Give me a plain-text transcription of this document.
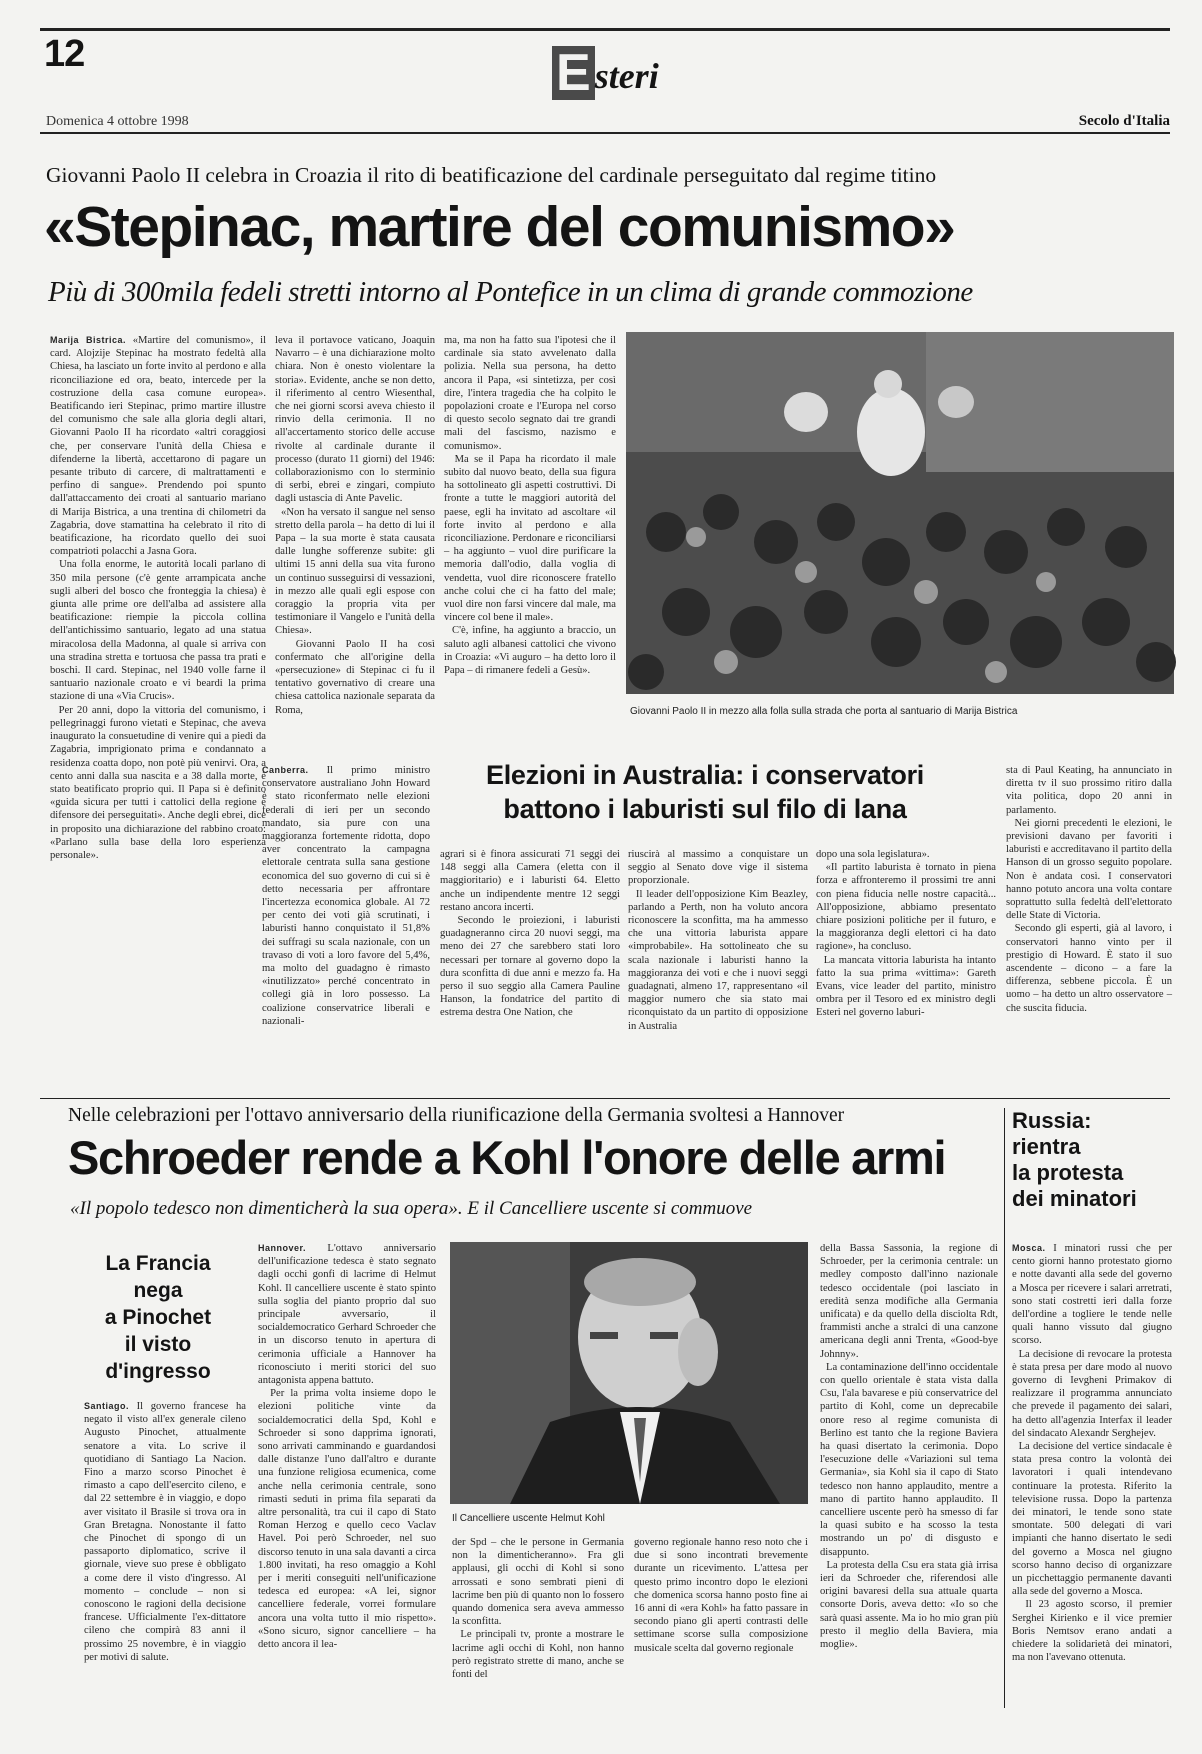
12	E steri
Domenica 4 ottobre 1998	Secolo d'Italia
Giovanni Paolo II celebra in Croazia il rito di beatificazione del cardinale perseguitato dal regime titino
«Stepinac, martire del comunismo»
Più di 300mila fedeli stretti intorno al Pontefice in un clima di grande commozione
Marija Bistrica. «Martire del comunismo», il card. Alojzije Stepinac ha mostrato fedeltà alla Chiesa, ha lasciato un forte invito al perdono e alla riconciliazione ed ora, beato, intercede per la costruzione della casa comune europea». Beatificando ieri Stepinac, primo martire illustre del comunismo che sale alla gloria degli altari, Giovanni Paolo II ha ricordato «altri coraggiosi che, per conservare l'unità della Chiesa e difenderne la libertà, accettarono di pagare un pesante tributo di carcere, di maltrattamenti e perfino di sangue». Prendendo poi spunto dall'attaccamento dei croati al santuario mariano di Marija Bistrica, a una trentina di chilometri da Zagabria, dove stamattina ha celebrato il rito di beatificazione, ha ricordato quello dei suoi compatrioti polacchi a Jasna Gora.
Una folla enorme, le autorità locali parlano di 350 mila persone (c'è gente arrampicata anche sugli alberi del bosco che fronteggia la chiesa) è giunta alle prime ore dell'alba ad assistere alla beatificazione: riempie la piccola collina dell'antichissimo santuario, legato ad una statua miracolosa della Madonna, al quale si arriva con una stradina stretta e tortuosa che passa tra prati e boschi. Il card. Stepinac, nel 1940 volle farne il santuario nazionale croato e vi beardi la prima stazione di una «Via Crucis».
Per 20 anni, dopo la vittoria del comunismo, i pellegrinaggi furono vietati e Stepinac, che aveva inaugurato la consuetudine di venire qui a piedi da Zagabria, imprigionato prima e condannato a residenza coatta dopo, non potè più venirvi. Ora, a cento anni dalla sua nascita e a 38 dalla morte, è stato beatificato proprio qui. Il Papa si è definito «guida sicura per tutti i cattolici della regione e difensore dei perseguitati». Anche degli ebrei, dice in proposito una dichiarazione del rabbino croato: «Parlano sulla base della loro esperienza personale».
leva il portavoce vaticano, Joaquin Navarro – è una dichiarazione molto chiara. Non è onesto violentare la storia». Evidente, anche se non detto, il riferimento al centro Wiesenthal, che nei giorni scorsi aveva chiesto il rinvio della cerimonia. Il no all'accertamento storico delle accuse rivolte al cardinale durante il processo (durato 11 giorni) del 1946: collaborazionismo con lo sterminio di serbi, ebrei e zingari, compiuto dagli ustascia di Ante Pavelic.
«Non ha versato il sangue nel senso stretto della parola – ha detto di lui il Papa – la sua morte è stata causata dalle lunghe sofferenze subite: gli ultimi 15 anni della sua vita furono un continuo susseguirsi di vessazioni, in mezzo alle quali egli espose con coraggio la propria vita per testimoniare il Vangelo e l'unità della Chiesa».
Giovanni Paolo II ha così confermato che all'origine della «persecuzione» di Stepinac ci fu il tentativo governativo di creare una chiesa cattolica nazionale separata da Roma,
ma, ma non ha fatto sua l'ipotesi che il cardinale sia stato avvelenato dalla polizia. Nella sua persona, ha detto ancora il Papa, «si sintetizza, per così dire, l'intera tragedia che ha colpito le popolazioni croate e l'Europa nel corso di questo secolo segnato dai tre grandi mali del fascismo, nazismo e comunismo».
Ma se il Papa ha ricordato il male subito dal nuovo beato, della sua figura ha sottolineato gli aspetti costruttivi. Di fronte a tutte le maggiori autorità del paese, egli ha invitato ad ascoltare «il forte invito al perdono e alla riconciliazione. Perdonare e riconciliarsi – ha aggiunto – vuol dire purificare la memoria dall'odio, dalla voglia di vendetta, vuol dire riconoscere fratello anche colui che ci ha fatto del male; vuol dire non farsi vincere dal male, ma vincere col bene il male».
C'è, infine, ha aggiunto a braccio, un saluto agli albanesi cattolici che vivono in Croazia: «Vi auguro – ha detto loro il Papa – di rimanere fedeli a Gesù».
Giovanni Paolo II in mezzo alla folla sulla strada che porta al santuario di Marija Bistrica
Elezioni in Australia: i conservatori
battono i laburisti sul filo di lana
Canberra. Il primo ministro conservatore australiano John Howard è stato riconfermato nelle elezioni federali di ieri per un secondo mandato, sia pure con una maggioranza fortemente ridotta, dopo aver concentrato la campagna elettorale centrata sulla sana gestione economica del suo governo di cui si è detto necessaria per affrontare l'incertezza economica globale. Al 72 per cento dei voti già scrutinati, i laburisti hanno conquistato il 51,8% dei suffragi su scala nazionale, con un travaso di voti a loro favore del 5,4%, ma molto del guadagno è rimasto «inutilizzato» perché concentrato in collegi già in loro possesso. La coalizione conservatrice liberali e nazionali-
agrari si è finora assicurati 71 seggi dei 148 seggi alla Camera (eletta con il maggioritario) e i laburisti 64. Eletto anche un indipendente mentre 12 seggi restano ancora incerti.
Secondo le proiezioni, i laburisti guadagneranno circa 20 nuovi seggi, ma meno dei 27 che sarebbero stati loro necessari per tornare al governo dopo la dura sconfitta di due anni e mezzo fa. Ha perso il suo seggio alla Camera Pauline Hanson, la fondatrice del partito di estrema destra One Nation, che
riuscirà al massimo a conquistare un seggio al Senato dove vige il sistema proporzionale.
Il leader dell'opposizione Kim Beazley, parlando a Perth, non ha voluto ancora riconoscere la sconfitta, ma ha ammesso che una vittoria laburista appare «improbabile». Ha sottolineato che su scala nazionale i laburisti hanno la maggioranza dei voti e che i nuovi seggi guadagnati, almeno 17, rappresentano «il maggior numero che sia stato mai riconquistato da un partito di opposizione in Australia
dopo una sola legislatura».
«Il partito laburista è tornato in piena forza e affronteremo il prossimi tre anni con piena fiducia nelle nostre capacità... All'opposizione, abbiamo presentato chiare posizioni politiche per il futuro, e la maggioranza degli elettori ci ha dato ragione», ha concluso.
La mancata vittoria laburista ha intanto fatto la sua prima «vittima»: Gareth Evans, vice leader del partito, ministro ombra per il Tesoro ed ex ministro degli Esteri nel governo laburi-
sta di Paul Keating, ha annunciato in diretta tv il suo prossimo ritiro dalla vita politica, dopo 20 anni in parlamento.
Nei giorni precedenti le elezioni, le previsioni davano per favoriti i laburisti e accreditavano il partito della Hanson di un grosso seguito popolare. Non è andata così. I conservatori hanno potuto ancora una volta contare soprattutto sulla fedeltà dell'elettorato delle State di Victoria.
Secondo gli esperti, già al lavoro, i conservatori hanno vinto per il prestigio di Howard. È stato il suo ascendente – dicono – a fare la differenza, sebbene piccola. È un uomo – ha detto un altro osservatore – che suscita fiducia.
Nelle celebrazioni per l'ottavo anniversario della riunificazione della Germania svoltesi a Hannover
Schroeder rende a Kohl l'onore delle armi
«Il popolo tedesco non dimenticherà la sua opera». E il Cancelliere uscente si commuove
La Francia
nega
a Pinochet
il visto
d'ingresso
Santiago. Il governo francese ha negato il visto all'ex generale cileno Augusto Pinochet, attualmente senatore a vita. Lo scrive il quotidiano di Santiago La Nacion. Fino a marzo scorso Pinochet è rimasto a capo dell'esercito cileno, e dal 22 settembre è in viaggio, e dopo aver visitato il Brasile si trova ora in Gran Bretagna. Nonostante il fatto che Pinochet di spongo di un passaporto diplomatico, scrive il giornale, vieve suo prese è obbligato a come dere il visto d'ingresso. Al momento – conclude – non si conoscono le ragioni della decisione francese. Ufficialmente l'ex-dittatore cileno che compirà 83 anni il prossimo 25 novembre, è in viaggio per motivi di salute.
Hannover. L'ottavo anniversario dell'unificazione tedesca è stato segnato dagli occhi gonfi di lacrime di Helmut Kohl. Il cancelliere uscente è stato spinto sulla soglia del pianto proprio dal suo principale avversario, il socialdemocratico Gerhard Schroeder che in un discorso tenuto in apertura di cerimonia ufficiale a Hannover ha riconosciuto i meriti storici del suo antagonista appena battuto.
Per la prima volta insieme dopo le elezioni politiche vinte da socialdemocratici della Spd, Kohl e Schroeder si sono dapprima ignorati, sono arrivati camminando e guardandosi dalle distanze l'uno dall'altro e durante una funzione religiosa ecumenica, come anche nella cerimonia centrale, sono rimasti seduti in prima fila separati da altre personalità, tra cui il capo di Stato Roman Herzog e quello ceco Vaclav Havel. Poi però Schroeder, nel suo discorso tenuto in una sala davanti a circa 1.800 invitati, ha reso omaggio a Kohl per i meriti conseguiti nell'unificazione tedesca ed europea: «A lei, signor cancelliere federale, vorrei formulare ancora una volta tutto il mio rispetto». «Sono sicuro, signor cancelliere – ha detto ancora il lea-
Il Cancelliere uscente Helmut Kohl
der Spd – che le persone in Germania non la dimenticheranno». Fra gli applausi, gli occhi di Kohl si sono arrossati e sono sembrati pieni di lacrime ben più di quanto non lo fossero quando domenica sera aveva ammesso la sconfitta.
Le principali tv, pronte a mostrare le lacrime agli occhi di Kohl, non hanno però registrato strette di mano, anche se fonti del
governo regionale hanno reso noto che i due si sono incontrati brevemente durante un ricevimento. L'attesa per questo primo incontro dopo le elezioni che domenica scorsa hanno posto fine ai 16 anni di «era Kohl» ha fatto passare in secondo piano gli aperti contrasti delle settimane scorse sulla composizione musicale scelta dal governo regionale
della Bassa Sassonia, la regione di Schroeder, per la cerimonia centrale: un medley composto dall'inno nazionale tedesco occidentale (poi lasciato in eredità senza modifiche alla Germania unificata) e da quello della disciolta Rdt, frammisti anche a stralci di una canzone americana degli anni Trenta, «Good-bye Johnny».
La contaminazione dell'inno occidentale con quello orientale è stata vista dalla Csu, l'ala bavarese e più conservatrice del partito di Kohl, come un deprecabile onore reso al regime comunista di Berlino est tanto che la regione Baviera ha quasi disertato la cerimonia. Dopo l'esecuzione delle «Variazioni sul tema Germania», sia Kohl sia il capo di Stato tedesco non hanno applaudito, mentre a mano di partito hanno applaudito. Il cancelliere uscente però ha smesso di far la quasi subito e ha scosso la testa mostrando un po' di disgusto e disappunto.
La protesta della Csu era stata già irrisa ieri da Schroeder che, riferendosi alle origini bavaresi della sua attuale quarta consorte Doris, aveva detto: «Io so che sarà quasi assente. Ma io ho mio gran più presto il meglio della Baviera, mia moglie».
Russia:
rientra
la protesta
dei minatori
Mosca. I minatori russi che per cento giorni hanno protestato giorno e notte davanti alla sede del governo a Mosca per ricevere i salari arretrati, sono stati costretti ieri dalla forze dell'ordine a togliere le tende nelle quali hanno vissuto dal giugno scorso.
La decisione di revocare la protesta è stata presa per dare modo al nuovo governo di Ievgheni Primakov di realizzare il programma annunciato che prevede il pagamento dei salari, ha detto all'agenzia Interfax il leader del sindacato Alexandr Serghejev.
La decisione del vertice sindacale è stata presa contro la volontà dei lavoratori i quali intendevano continuare la protesta. Riferito la televisione russa. Dopo la partenza dei minatori, le tende sono state smontate. 500 delegati di vari impianti che hanno disertato le sedi del governo a Mosca nel giugno scorso hanno deciso di organizzare un picchettaggio permanente davanti alla sede del governo a Mosca.
Il 23 agosto scorso, il premier Serghei Kirienko e il vice premier Boris Nemtsov erano andati a chiedere la solidarietà dei minatori, ma non l'avevano ottenuta.
